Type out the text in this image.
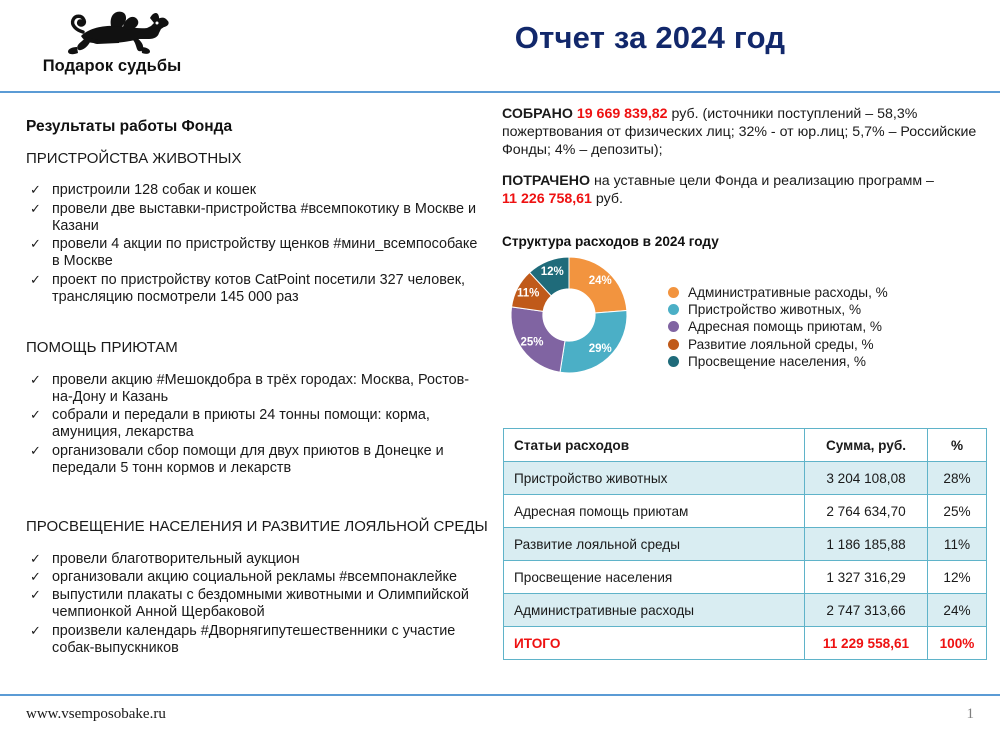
Подарок судьбы
Отчет за 2024 год
Результаты работы Фонда
ПРИСТРОЙСТВА ЖИВОТНЫХ
✓ пристроили 128 собак и кошек
✓ провели две выставки-пристройства #всемпокотику в Москве и Казани
✓ провели 4 акции по пристройству щенков #мини_всемпособаке в Москве
✓ проект по пристройству котов CatPoint посетили 327 человек, трансляцию посмотрели 145 000 раз
ПОМОЩЬ ПРИЮТАМ
✓ провели акцию #Мешокдобра в трёх городах: Москва, Ростов-на-Дону и Казань
✓ собрали и передали в приюты 24 тонны помощи: корма, амуниция, лекарства
✓ организовали сбор помощи для двух приютов в Донецке и передали 5 тонн кормов и лекарств
ПРОСВЕЩЕНИЕ НАСЕЛЕНИЯ И РАЗВИТИЕ ЛОЯЛЬНОЙ СРЕДЫ
✓ провели благотворительный аукцион
✓ организовали акцию социальной рекламы #всемпонаклейке
✓ выпустили плакаты с бездомными животными и Олимпийской чемпионкой Анной Щербаковой
✓ произвели календарь #Дворнягипутешественники с участие собак-выпускников

СОБРАНО 19 669 839,82 руб. (источники поступлений – 58,3% пожертвования от физических лиц; 32% - от юр.лиц; 5,7% – Российские Фонды; 4% – депозиты);

ПОТРАЧЕНО на уставные цели Фонда и реализацию программ –
11 226 758,61 руб.

Структура расходов в 2024 году
24%
29%
25%
11%
12%
Административные расходы, %
Пристройство животных, %
Адресная помощь приютам, %
Развитие лояльной среды, %
Просвещение населения, %
Статьи расходов	Сумма, руб.	%
Пристройство животных	3 204 108,08	28%
Адресная помощь приютам	2 764 634,70	25%
Развитие лояльной среды	1 186 185,88	11%
Просвещение населения	1 327 316,29	12%
Административные расходы	2 747 313,66	24%
ИТОГО	11 229 558,61	100%
www.vsemposobake.ru	1
